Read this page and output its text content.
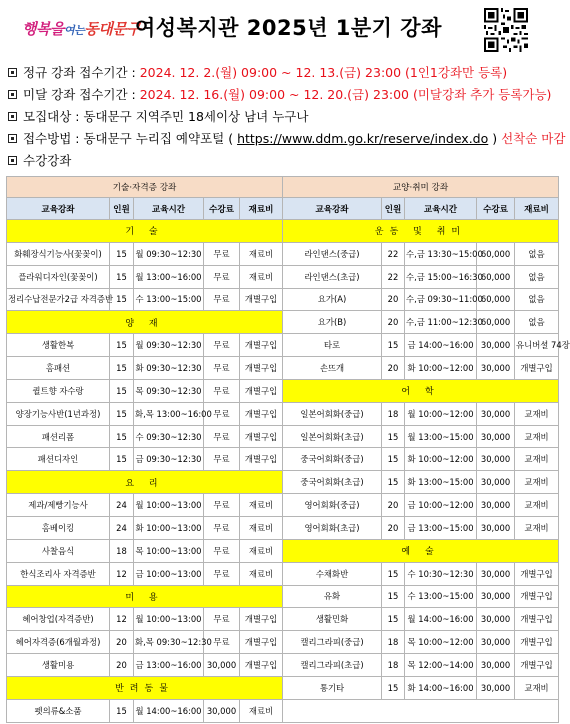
행복을여는동대문구
여성복지관 2025년 1분기 강좌
정규 강좌 접수기간 : 2024. 12. 2.(월) 09:00 ~ 12. 13.(금) 23:00 (1인1강좌만 등록)
미달 강좌 접수기간 : 2024. 12. 16.(월) 09:00 ~ 12. 20.(금) 23:00 (미달강좌 추가 등록가능)
모집대상 : 동대문구 지역주민 18세이상 남녀 누구나
접수방법 : 동대문구 누리집 예약포털 ( https://www.ddm.go.kr/reserve/index.do ) 선착순 마감
수강강좌
기술·자격증 강좌					교양·취미 강좌				
교육강좌	인원	교육시간	수강료	재료비	교육강좌	인원	교육시간	수강료	재료비
기 술					운동 및 취미				
화훼장식기능사(꽃꽂이)	15	월 09:30~12:30	무료	재료비	라인댄스(중급)	22	수,금 13:30~15:00	60,000	없음
플라워디자인(꽃꽂이)	15	월 13:00~16:00	무료	재료비	라인댄스(초급)	22	수,금 15:00~16:30	60,000	없음
정리수납전문가2급 자격증반	15	수 13:00~15:00	무료	개별구입	요가(A)	20	수,금 09:30~11:00	60,000	없음
양 재					요가(B)	20	수,금 11:00~12:30	60,000	없음
생활한복	15	월 09:30~12:30	무료	개별구입	타로	15	금 14:00~16:00	30,000	유니버셜 74장
홈패션	15	화 09:30~12:30	무료	개별구입	손뜨개	20	화 10:00~12:00	30,000	개별구입
퀼트향 자수랑	15	목 09:30~12:30	무료	개별구입	어 학				
양장기능사반(1년과정)	15	화,목 13:00~16:00	무료	개별구입	일본어회화(중급)	18	월 10:00~12:00	30,000	교재비
패션리폼	15	수 09:30~12:30	무료	개별구입	일본어회화(초급)	15	월 13:00~15:00	30,000	교재비
패션디자인	15	금 09:30~12:30	무료	개별구입	중국어회화(중급)	15	화 10:00~12:00	30,000	교재비
요 리					중국어회화(초급)	15	화 13:00~15:00	30,000	교재비
제과/제빵기능사	24	월 10:00~13:00	무료	재료비	영어회화(중급)	20	금 10:00~12:00	30,000	교재비
홈베이킹	24	화 10:00~13:00	무료	재료비	영어회화(초급)	20	금 13:00~15:00	30,000	교재비
사찰음식	18	목 10:00~13:00	무료	재료비	예 술				
한식조리사 자격증반	12	금 10:00~13:00	무료	재료비	수채화반	15	수 10:30~12:30	30,000	개별구입
미 용					유화	15	수 13:00~15:00	30,000	개별구입
헤어창업(자격증반)	12	월 10:00~13:00	무료	개별구입	생활민화	15	월 14:00~16:00	30,000	개별구입
헤어자격증(6개월과정)	20	화,목 09:30~12:30	무료	개별구입	캘리그라피(중급)	18	목 10:00~12:00	30,000	개별구입
생활미용	20	금 13:00~16:00	30,000	개별구입	캘리그라피(초급)	18	목 12:00~14:00	30,000	개별구입
반려동물					통기타	15	화 14:00~16:00	30,000	교재비
펫의류&소품	15	월 14:00~16:00	30,000	재료비					
